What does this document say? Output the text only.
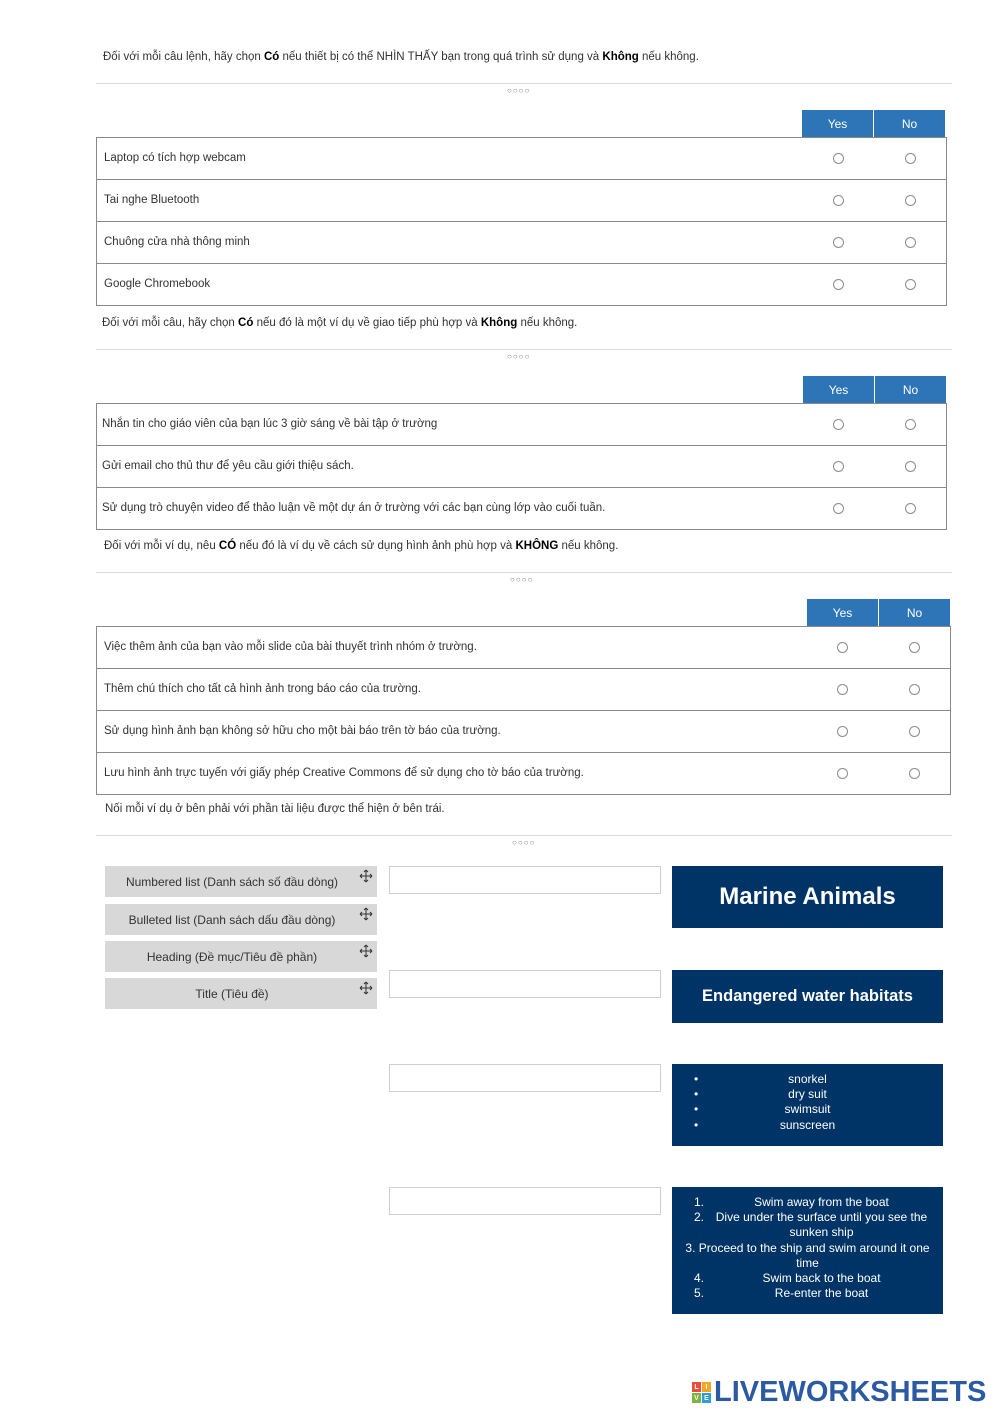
Đối với mỗi câu lệnh, hãy chọn Có nếu thiết bị có thể NHÌN THẤY bạn trong quá trình sử dụng và Không nếu không.
○○○○
Yes	No
Laptop có tích hợp webcam
Tai nghe Bluetooth
Chuông cửa nhà thông minh
Google Chromebook
Đối với mỗi câu, hãy chọn Có nếu đó là một ví dụ về giao tiếp phù hợp và Không nếu không.
○○○○
Yes	No
Nhắn tin cho giáo viên của bạn lúc 3 giờ sáng về bài tập ở trường
Gửi email cho thủ thư để yêu cầu giới thiệu sách.
Sử dụng trò chuyện video để thảo luận về một dự án ở trường với các bạn cùng lớp vào cuối tuần.
Đối với mỗi ví dụ, nêu CÓ nếu đó là ví dụ về cách sử dụng hình ảnh phù hợp và KHÔNG nếu không.
○○○○
Yes	No
Việc thêm ảnh của bạn vào mỗi slide của bài thuyết trình nhóm ở trường.
Thêm chú thích cho tất cả hình ảnh trong báo cáo của trường.
Sử dụng hình ảnh bạn không sở hữu cho một bài báo trên tờ báo của trường.
Lưu hình ảnh trực tuyến với giấy phép Creative Commons để sử dụng cho tờ báo của trường.
Nối mỗi ví dụ ở bên phải với phần tài liệu được thể hiện ở bên trái.
○○○○
Numbered list (Danh sách số đầu dòng)
Bulleted list (Danh sách dấu đầu dòng)
Heading (Đề mục/Tiêu đề phần)
Title (Tiêu đề)
Marine Animals
Endangered water habitats
•	snorkel
•	dry suit
•	swimsuit
•	sunscreen
1.	Swim away from the boat
2. Dive under the surface until you see the sunken ship
3. Proceed to the ship and swim around it one time
4.	Swim back to the boat
5.	Re-enter the boat
L I
V E LIVEWORKSHEETS
